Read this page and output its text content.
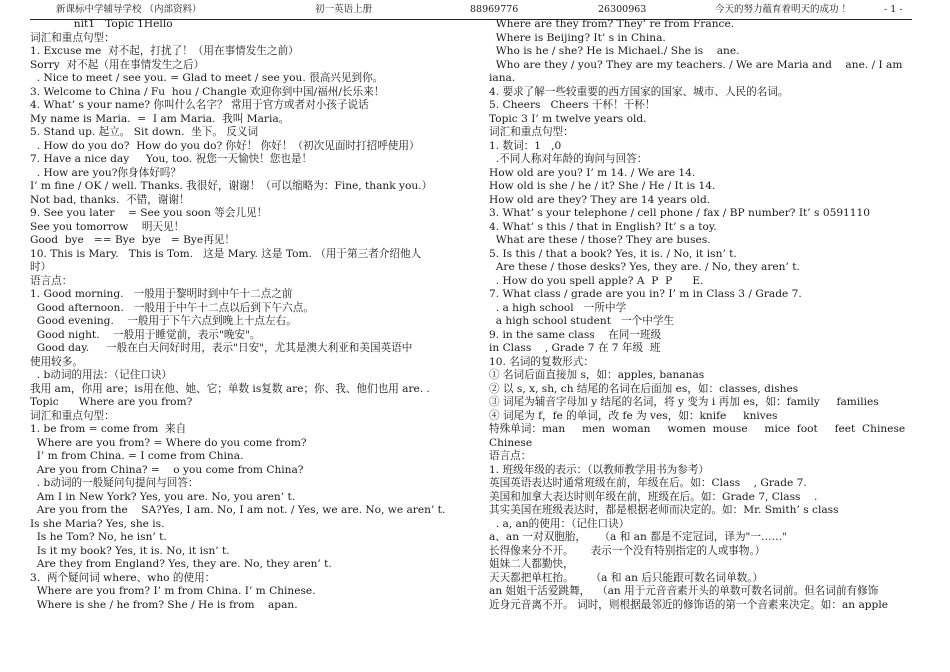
新课标中学辅导学校 （内部资料）	初一英语上册	88969776	26300963	今天的努力蕴育着明天的成功 ！	- 1 -
nit1   Topic 1Hello
词汇和重点句型：
1. Excuse me  对不起，打扰了！（用在事情发生之前）
Sorry  对不起（用在事情发生之后）
. Nice to meet / see you. = Glad to meet / see you. 很高兴见到你。
3. Welcome to China / Fu  hou / Changle 欢迎你到中国/福州/长乐来！
4. What’ s your name? 你叫什么名字？ 常用于官方或者对小孩子说话
My name is Maria.  =  I am Maria.  我叫 Maria。
5. Stand up. 起立。 Sit down.  坐下。 反义词
. How do you do?  How do you do? 你好！ 你好！（初次见面时打招呼使用）
7. Have a nice day     You, too. 祝您一天愉快！您也是！
. How are you?你身体好吗？
I’ m fine / OK / well. Thanks. 我很好，谢谢！（可以缩略为：Fine, thank you.）
Not bad, thanks.  不错，谢谢！
9. See you later    = See you soon 等会儿见！
See you tomorrow    明天见！
Good  bye   == Bye  bye   = Bye再见！
10. This is Mary.   This is Tom.   这是 Mary. 这是 Tom. （用于第三者介绍他人
时）
语言点：
1. Good morning.   一般用于黎明时到中午十二点之前
Good afternoon.   一般用于中午十二点以后到下午六点。
Good evening.    一般用于下午六点到晚上十点左右。
Good night.    一般用于睡觉前，表示"晚安"。
Good day.     一般在白天问好时用，表示"日安"，尤其是澳大利亚和美国英语中
使用较多。
. b动词的用法：（记住口诀）
我用 am，你用 are；is用在他、她、它；单数 is复数 are；你、我、他们也用 are. .
Topic      Where are you from?
词汇和重点句型：
1. be from = come from  来自
Where are you from? = Where do you come from?
I’ m from China. = I come from China.
Are you from China? =    o you come from China?
. b动词的一般疑问句提问与回答：
Am I in New York? Yes, you are. No, you aren’ t.
Are you from the    SA?Yes, I am. No, I am not. / Yes, we are. No, we aren’ t.
Is she Maria? Yes, she is.
Is he Tom? No, he isn’ t.
Is it my book? Yes, it is. No, it isn’ t.
Are they from England? Yes, they are. No, they aren’ t.
3.  两个疑问词 where、who 的使用：
Where are you from? I’ m from China. I’ m Chinese.
Where is she / he from? She / He is from    apan.
Where are they from? They’ re from France.
Where is Beijing? It’ s in China.
Who is he / she? He is Michael./ She is    ane.
Who are they / you? They are my teachers. / We are Maria and    ane. / I am
iana.
4. 要求了解一些较重要的西方国家的国家、城市、人民的名词。
5. Cheers   Cheers 干杯！干杯！
Topic 3 I’ m twelve years old.
词汇和重点句型：
1. 数词：1   ,0
.不同人称对年龄的询问与回答：
How old are you? I’ m 14. / We are 14.
How old is she / he / it? She / He / It is 14.
How old are they? They are 14 years old.
3. What’ s your telephone / cell phone / fax / BP number? It’ s 0591110
4. What’ s this / that in English? It’ s a toy.
What are these / those? They are buses.
5. Is this / that a book? Yes, it is. / No, it isn’ t.
Are these / those desks? Yes, they are. / No, they aren’ t.
. How do you spell apple? A  P  P      E.
7. What class / grade are you in? I’ m in Class 3 / Grade 7.
. a high school   一所中学
a high school student   一个中学生
9. in the same class    在同一班级
in Class    , Grade 7 在 7 年级  班
10. 名词的复数形式：
① 名词后面直接加 s，如：apples, bananas
② 以 s, x, sh, ch 结尾的名词在后面加 es，如：classes, dishes
③ 词尾为辅音字母加 y 结尾的名词，将 y 变为 i 再加 es，如：family     families
④ 词尾为 f，fe 的单词，改 fe 为 ves，如：knife     knives
特殊单词：man     men  woman     women  mouse     mice  foot     feet  Chinese
Chinese
语言点：
1. 班级年级的表示：（以教师教学用书为参考）
英国英语表达时通常班级在前，年级在后。如：Class    , Grade 7.
美国和加拿大表达时则年级在前，班级在后。如：Grade 7, Class    .
其实美国在班级表达时，都是根据老师而决定的。如：Mr. Smith’ s class
. a, an的使用：（记住口诀）
a、an 一对双胞胎，    （a 和 an 都是不定冠词，译为"一……"
长得像来分不开。     表示一个没有特别指定的人或事物。）
姐妹二人都勤快，
天天都把单杠抬。     （a 和 an 后只能跟可数名词单数。）
an 姐姐干活爱跳舞，  （an 用于元音音素开头的单数可数名词前。但名词前有修饰
近身元音离不开。 词时，则根据最邻近的修饰语的第一个音素来决定。如：an apple
